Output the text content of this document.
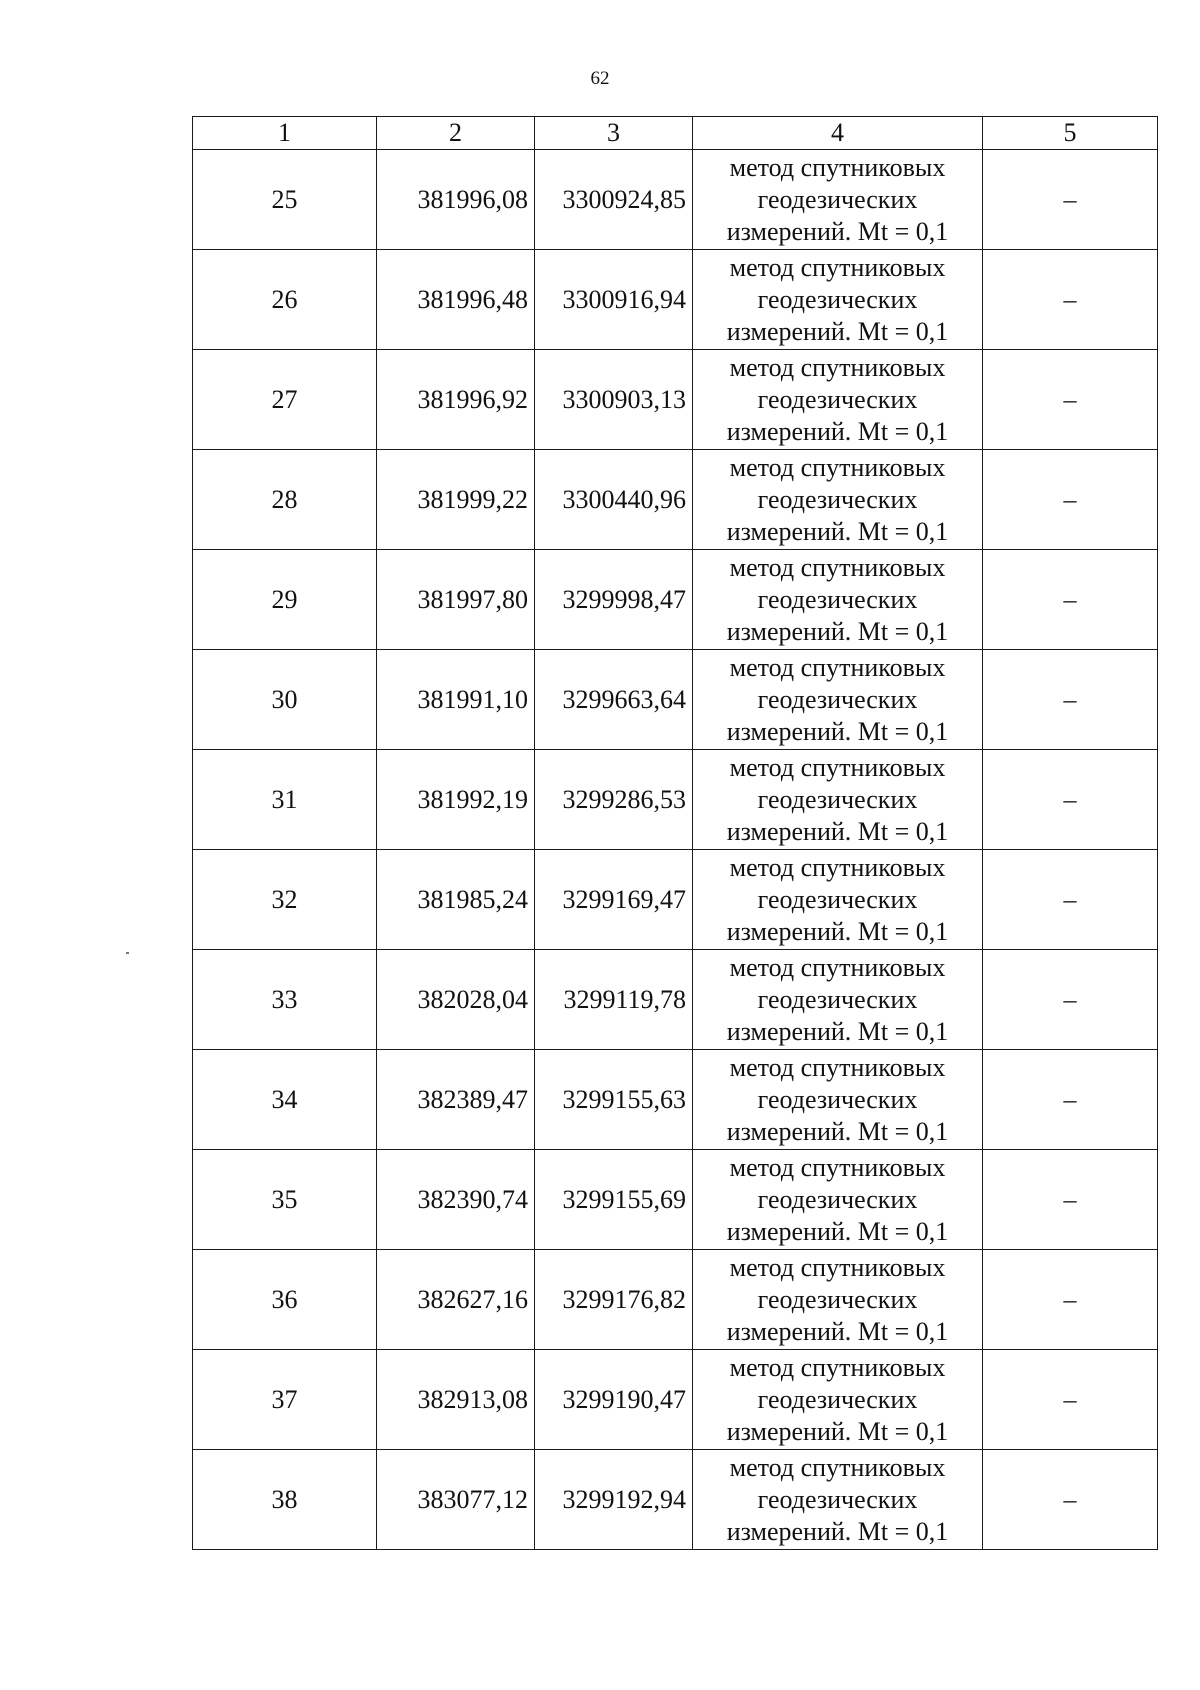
62
1	2	3	4	5
25	381996,08	3300924,85	метод спутниковых геодезических измерений. Mt = 0,1	–
26	381996,48	3300916,94	метод спутниковых геодезических измерений. Mt = 0,1	–
27	381996,92	3300903,13	метод спутниковых геодезических измерений. Mt = 0,1	–
28	381999,22	3300440,96	метод спутниковых геодезических измерений. Mt = 0,1	–
29	381997,80	3299998,47	метод спутниковых геодезических измерений. Mt = 0,1	–
30	381991,10	3299663,64	метод спутниковых геодезических измерений. Mt = 0,1	–
31	381992,19	3299286,53	метод спутниковых геодезических измерений. Mt = 0,1	–
32	381985,24	3299169,47	метод спутниковых геодезических измерений. Mt = 0,1	–
33	382028,04	3299119,78	метод спутниковых геодезических измерений. Mt = 0,1	–
34	382389,47	3299155,63	метод спутниковых геодезических измерений. Mt = 0,1	–
35	382390,74	3299155,69	метод спутниковых геодезических измерений. Mt = 0,1	–
36	382627,16	3299176,82	метод спутниковых геодезических измерений. Mt = 0,1	–
37	382913,08	3299190,47	метод спутниковых геодезических измерений. Mt = 0,1	–
38	383077,12	3299192,94	метод спутниковых геодезических измерений. Mt = 0,1	–
